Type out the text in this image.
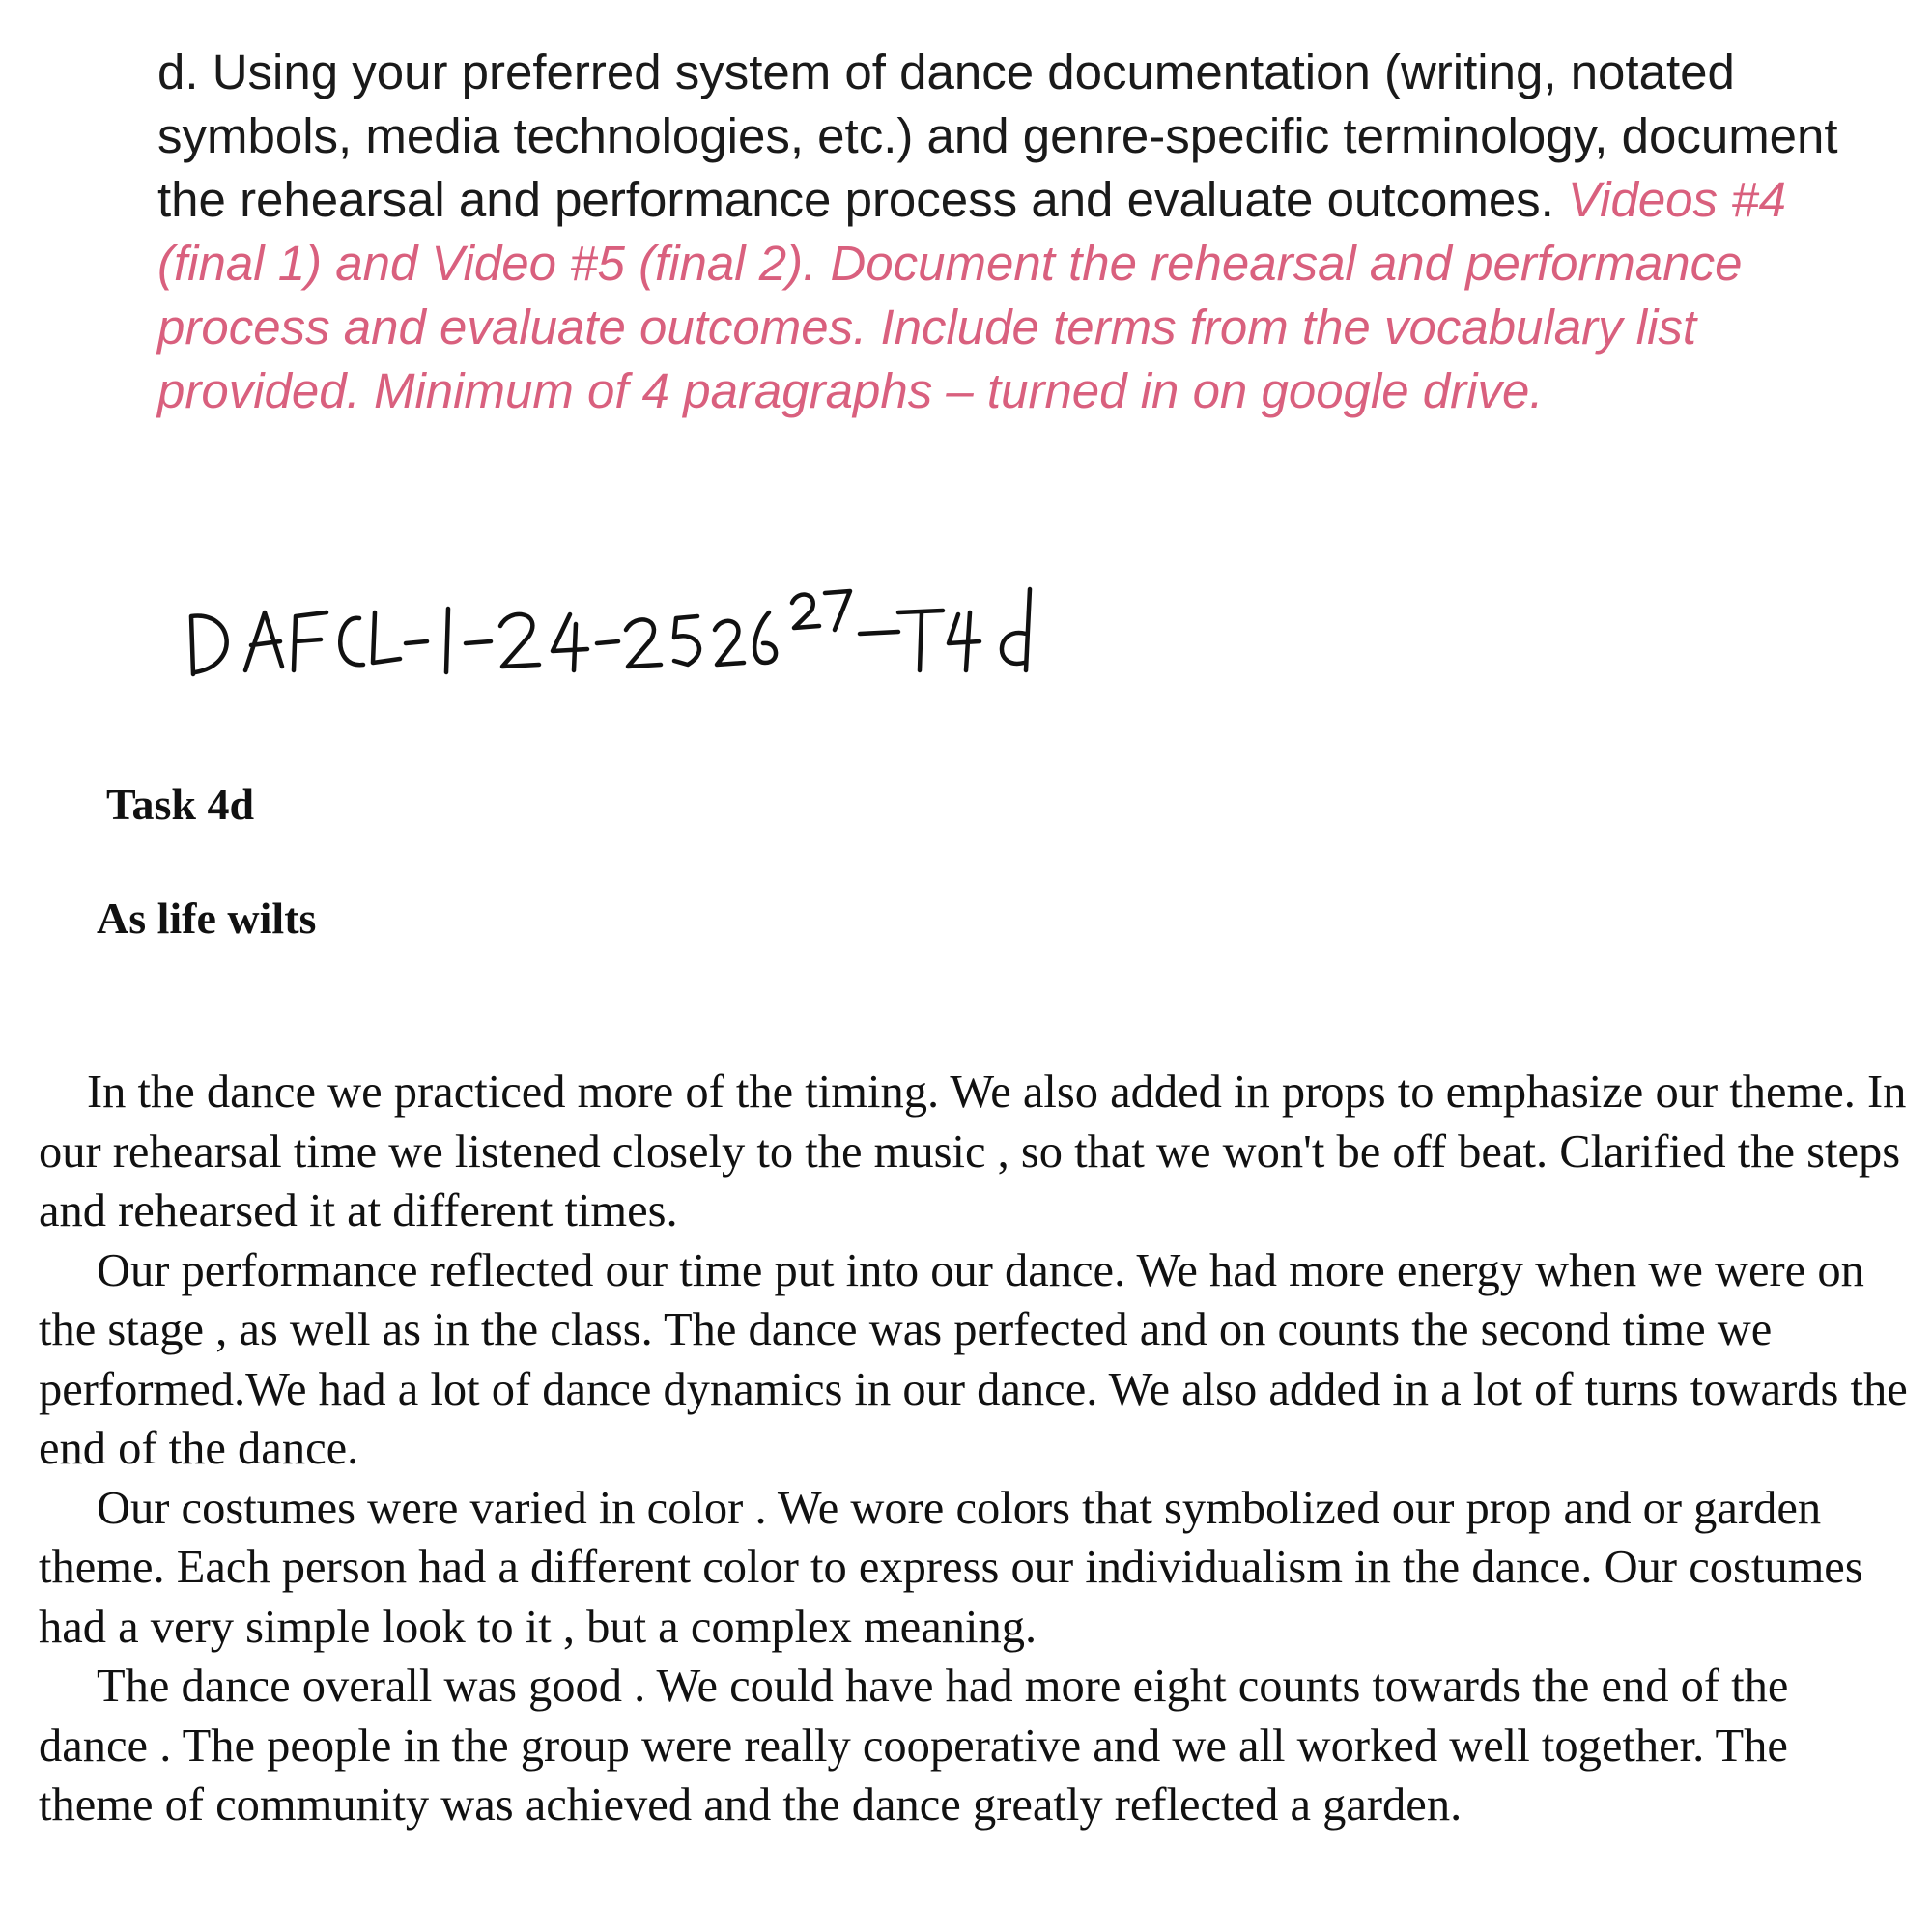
d. Using your preferred system of dance documentation (writing, notated symbols, media technologies, etc.) and genre-specific terminology, document the rehearsal and performance process and evaluate outcomes. Videos #4 (final 1) and Video #5 (final 2). Document the rehearsal and performance process and evaluate outcomes. Include terms from the vocabulary list provided. Minimum of 4 paragraphs – turned in on google drive.

Task 4d
As life wilts

In the dance we practiced more of the timing. We also added in props to emphasize our theme. In our rehearsal time we listened closely to the music , so that we won't be off beat. Clarified the steps and rehearsed it at different times.

Our performance reflected our time put into our dance. We had more energy when we were on the stage , as well as in the class. The dance was perfected and on counts the second time we performed.We had a lot of dance dynamics in our dance. We also added in a lot of turns towards the end of the dance.

Our costumes were varied in color . We wore colors that symbolized our prop and or garden theme. Each person had a different color to express our individualism in the dance. Our costumes had a very simple look to it , but a complex meaning.

The dance overall was good . We could have had more eight counts towards the end of the dance . The people in the group were really cooperative and we all worked well together. The theme of community was achieved and the dance greatly reflected a garden.
